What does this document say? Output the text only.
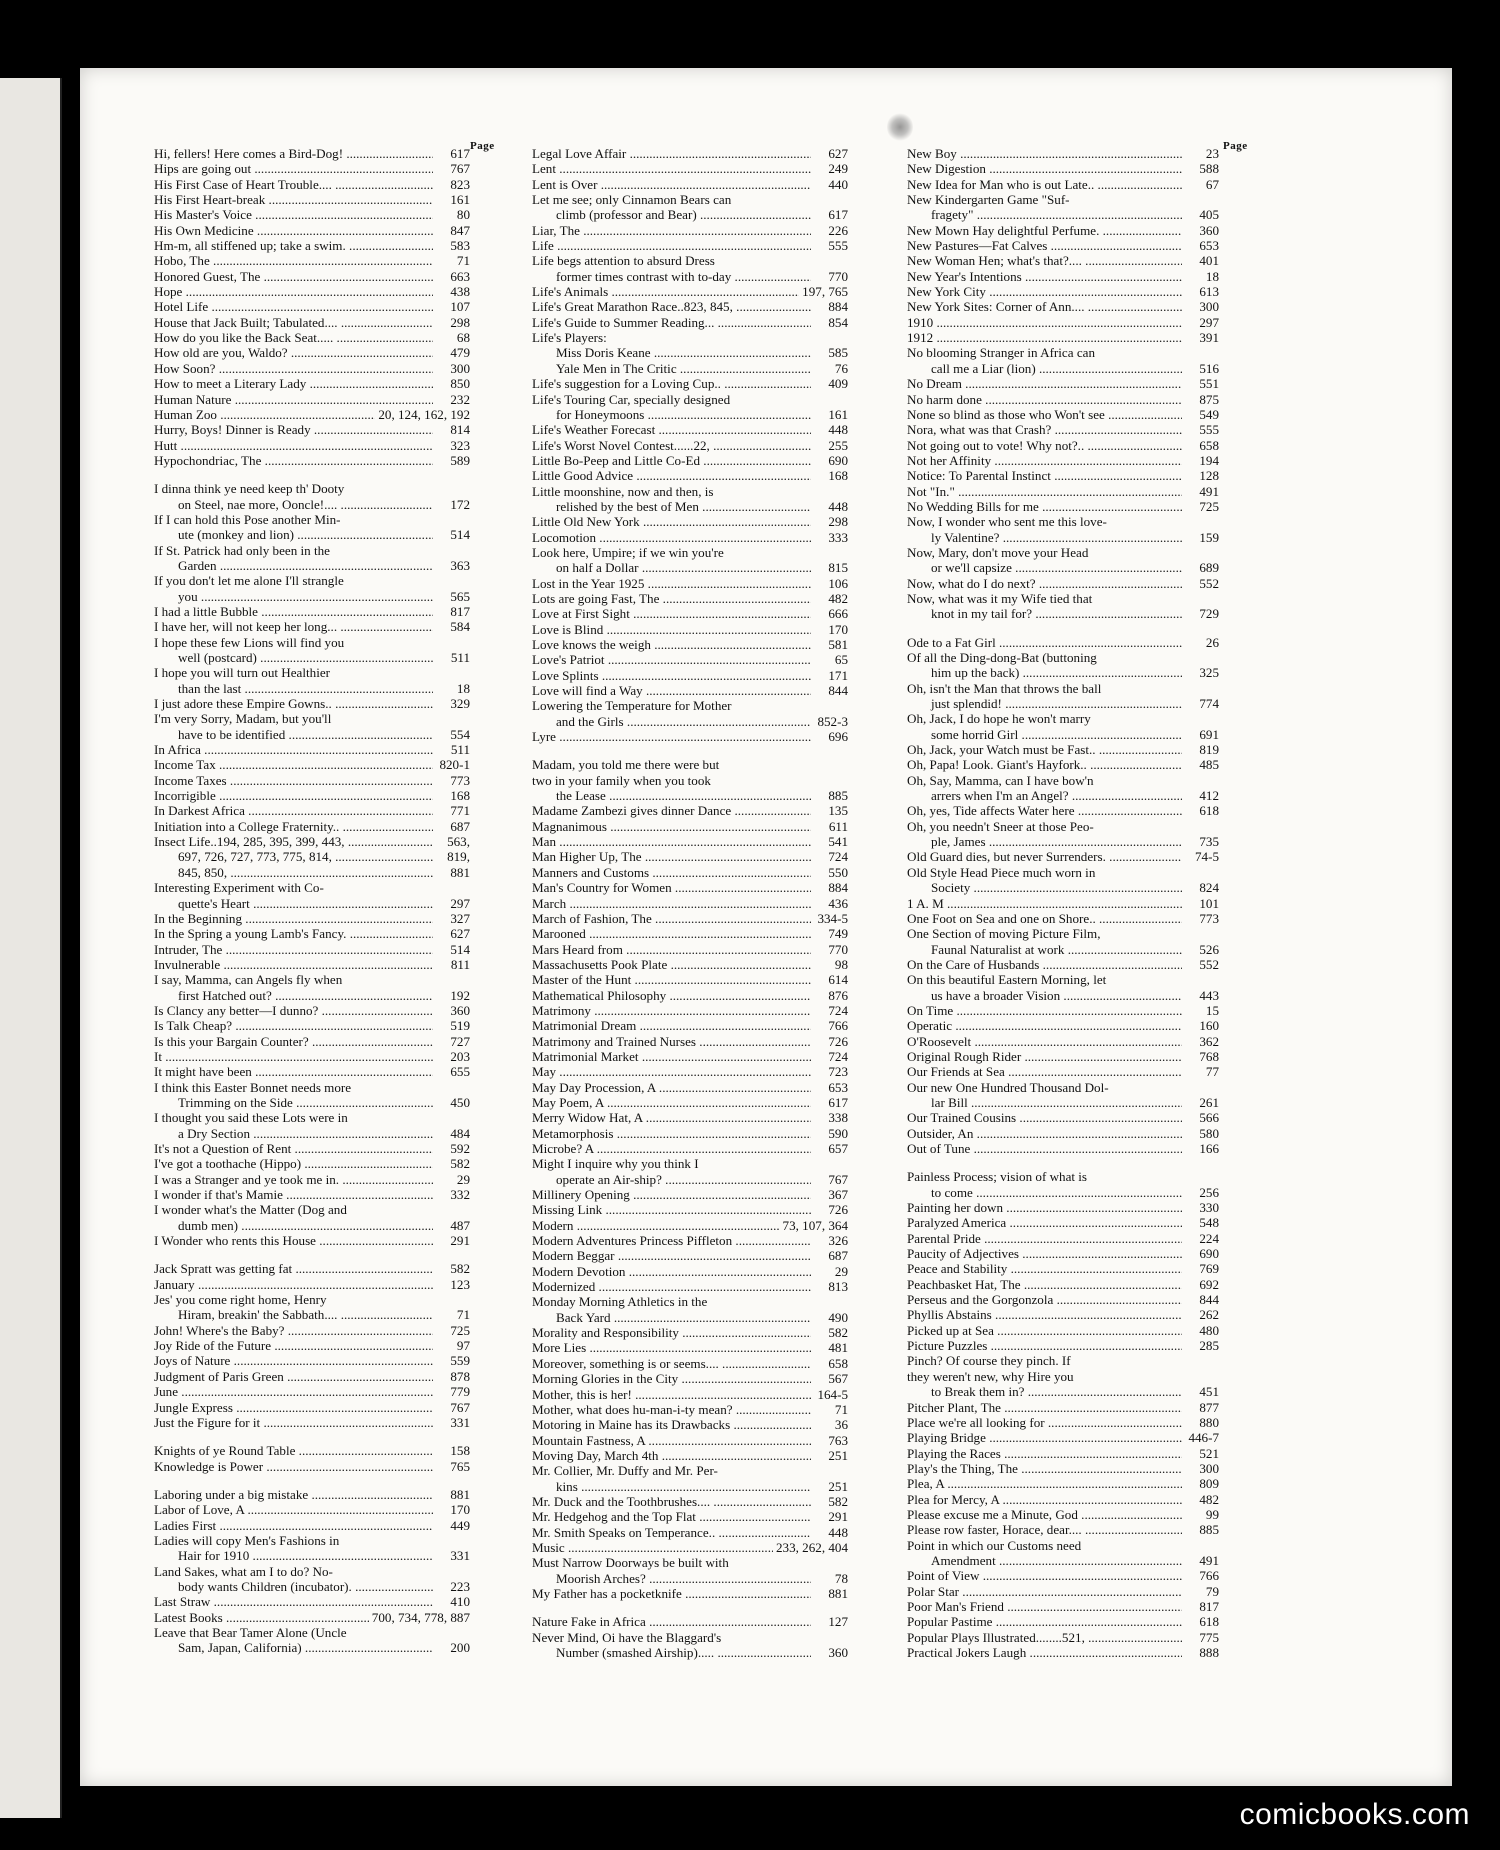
Page
Hi, fellers! Here comes a Bird-Dog! .....	617
Hips are going out .....	767
His First Case of Heart Trouble.... .....	823
His First Heart-break .....	161
His Master's Voice .....	80
His Own Medicine .....	847
Hm-m, all stiffened up; take a swim. .....	583
Hobo, The .....	71
Honored Guest, The .....	663
Hope .....	438
Hotel Life .....	107
House that Jack Built; Tabulated.... .....	298
How do you like the Back Seat..... .....	68
How old are you, Waldo? .....	479
How Soon? .....	300
How to meet a Literary Lady .....	850
Human Nature .....	232
Human Zoo .....	20, 124, 162, 192
Hurry, Boys! Dinner is Ready .....	814
Hutt .....	323
Hypochondriac, The .....	589
I dinna think ye need keep th' Dooty
on Steel, nae more, Ooncle!.... .....	172
If I can hold this Pose another Min-
ute (monkey and lion) .....	514
If St. Patrick had only been in the
Garden .....	363
If you don't let me alone I'll strangle
you .....	565
I had a little Bubble .....	817
I have her, will not keep her long... .....	584
I hope these few Lions will find you
well (postcard) .....	511
I hope you will turn out Healthier
than the last .....	18
I just adore these Empire Gowns.. .....	329
I'm very Sorry, Madam, but you'll
have to be identified .....	554
In Africa .....	511
Income Tax .....	820-1
Income Taxes .....	773
Incorrigible .....	168
In Darkest Africa .....	771
Initiation into a College Fraternity.. .....	687
Insect Life..194, 285, 395, 399, 443, .....	563,
697, 726, 727, 773, 775, 814, .....	819,
845, 850, .....	881
Interesting Experiment with Co-
quette's Heart .....	297
In the Beginning .....	327
In the Spring a young Lamb's Fancy. .....	627
Intruder, The .....	514
Invulnerable .....	811
I say, Mamma, can Angels fly when
first Hatched out? .....	192
Is Clancy any better—I dunno? .....	360
Is Talk Cheap? .....	519
Is this your Bargain Counter? .....	727
It .....	203
It might have been .....	655
I think this Easter Bonnet needs more
Trimming on the Side .....	450
I thought you said these Lots were in
a Dry Section .....	484
It's not a Question of Rent .....	592
I've got a toothache (Hippo) .....	582
I was a Stranger and ye took me in. .....	29
I wonder if that's Mamie .....	332
I wonder what's the Matter (Dog and
dumb men) .....	487
I Wonder who rents this House .....	291
Jack Spratt was getting fat .....	582
January .....	123
Jes' you come right home, Henry
Hiram, breakin' the Sabbath.... .....	71
John! Where's the Baby? .....	725
Joy Ride of the Future .....	97
Joys of Nature .....	559
Judgment of Paris Green .....	878
June .....	779
Jungle Express .....	767
Just the Figure for it .....	331
Knights of ye Round Table .....	158
Knowledge is Power .....	765
Laboring under a big mistake .....	881
Labor of Love, A .....	170
Ladies First .....	449
Ladies will copy Men's Fashions in
Hair for 1910 .....	331
Land Sakes, what am I to do? No-
body wants Children (incubator). .....	223
Last Straw .....	410
Latest Books .....	700, 734, 778, 887
Leave that Bear Tamer Alone (Uncle
Sam, Japan, California) .....	200
Legal Love Affair .....	627
Lent .....	249
Lent is Over .....	440
Let me see; only Cinnamon Bears can
climb (professor and Bear) .....	617
Liar, The .....	226
Life .....	555
Life begs attention to absurd Dress
former times contrast with to-day .....	770
Life's Animals .....	197, 765
Life's Great Marathon Race..823, 845, .....	884
Life's Guide to Summer Reading... .....	854
Life's Players:
Miss Doris Keane .....	585
Yale Men in The Critic .....	76
Life's suggestion for a Loving Cup.. .....	409
Life's Touring Car, specially designed
for Honeymoons .....	161
Life's Weather Forecast .....	448
Life's Worst Novel Contest......22, .....	255
Little Bo-Peep and Little Co-Ed .....	690
Little Good Advice .....	168
Little moonshine, now and then, is
relished by the best of Men .....	448
Little Old New York .....	298
Locomotion .....	333
Look here, Umpire; if we win you're
on half a Dollar .....	815
Lost in the Year 1925 .....	106
Lots are going Fast, The .....	482
Love at First Sight .....	666
Love is Blind .....	170
Love knows the weigh .....	581
Love's Patriot .....	65
Love Splints .....	171
Love will find a Way .....	844
Lowering the Temperature for Mother
and the Girls .....	852-3
Lyre .....	696
Madam, you told me there were but
two in your family when you took
the Lease .....	885
Madame Zambezi gives dinner Dance .....	135
Magnanimous .....	611
Man .....	541
Man Higher Up, The .....	724
Manners and Customs .....	550
Man's Country for Women .....	884
March .....	436
March of Fashion, The .....	334-5
Marooned .....	749
Mars Heard from .....	770
Massachusetts Pook Plate .....	98
Master of the Hunt .....	614
Mathematical Philosophy .....	876
Matrimony .....	724
Matrimonial Dream .....	766
Matrimony and Trained Nurses .....	726
Matrimonial Market .....	724
May .....	723
May Day Procession, A .....	653
May Poem, A .....	617
Merry Widow Hat, A .....	338
Metamorphosis .....	590
Microbe? A .....	657
Might I inquire why you think I
operate an Air-ship? .....	767
Millinery Opening .....	367
Missing Link .....	726
Modern .....	73, 107, 364
Modern Adventures Princess Piffleton .....	326
Modern Beggar .....	687
Modern Devotion .....	29
Modernized .....	813
Monday Morning Athletics in the
Back Yard .....	490
Morality and Responsibility .....	582
More Lies .....	481
Moreover, something is or seems.... .....	658
Morning Glories in the City .....	567
Mother, this is her! .....	164-5
Mother, what does hu-man-i-ty mean? .....	71
Motoring in Maine has its Drawbacks .....	36
Mountain Fastness, A .....	763
Moving Day, March 4th .....	251
Mr. Collier, Mr. Duffy and Mr. Per-
kins .....	251
Mr. Duck and the Toothbrushes.... .....	582
Mr. Hedgehog and the Top Flat .....	291
Mr. Smith Speaks on Temperance.. .....	448
Music .....	233, 262, 404
Must Narrow Doorways be built with
Moorish Arches? .....	78
My Father has a pocketknife .....	881
Nature Fake in Africa .....	127
Never Mind, Oi have the Blaggard's
Number (smashed Airship)..... .....	360
Page
New Boy .....	23
New Digestion .....	588
New Idea for Man who is out Late.. .....	67
New Kindergarten Game "Suf-
fragety" .....	405
New Mown Hay delightful Perfume. .....	360
New Pastures—Fat Calves .....	653
New Woman Hen; what's that?.... .....	401
New Year's Intentions .....	18
New York City .....	613
New York Sites: Corner of Ann.... .....	300
1910 .....	297
1912 .....	391
No blooming Stranger in Africa can
call me a Liar (lion) .....	516
No Dream .....	551
No harm done .....	875
None so blind as those who Won't see .....	549
Nora, what was that Crash? .....	555
Not going out to vote! Why not?.. .....	658
Not her Affinity .....	194
Notice: To Parental Instinct .....	128
Not "In." .....	491
No Wedding Bills for me .....	725
Now, I wonder who sent me this love-
ly Valentine? .....	159
Now, Mary, don't move your Head
or we'll capsize .....	689
Now, what do I do next? .....	552
Now, what was it my Wife tied that
knot in my tail for? .....	729
Ode to a Fat Girl .....	26
Of all the Ding-dong-Bat (buttoning
him up the back) .....	325
Oh, isn't the Man that throws the ball
just splendid! .....	774
Oh, Jack, I do hope he won't marry
some horrid Girl .....	691
Oh, Jack, your Watch must be Fast.. .....	819
Oh, Papa! Look. Giant's Hayfork.. .....	485
Oh, Say, Mamma, can I have bow'n
arrers when I'm an Angel? .....	412
Oh, yes, Tide affects Water here .....	618
Oh, you needn't Sneer at those Peo-
ple, James .....	735
Old Guard dies, but never Surrenders. .....	74-5
Old Style Head Piece much worn in
Society .....	824
1 A. M .....	101
One Foot on Sea and one on Shore.. .....	773
One Section of moving Picture Film,
Faunal Naturalist at work .....	526
On the Care of Husbands .....	552
On this beautiful Eastern Morning, let
us have a broader Vision .....	443
On Time .....	15
Operatic .....	160
O'Roosevelt .....	362
Original Rough Rider .....	768
Our Friends at Sea .....	77
Our new One Hundred Thousand Dol-
lar Bill .....	261
Our Trained Cousins .....	566
Outsider, An .....	580
Out of Tune .....	166
Painless Process; vision of what is
to come .....	256
Painting her down .....	330
Paralyzed America .....	548
Parental Pride .....	224
Paucity of Adjectives .....	690
Peace and Stability .....	769
Peachbasket Hat, The .....	692
Perseus and the Gorgonzola .....	844
Phyllis Abstains .....	262
Picked up at Sea .....	480
Picture Puzzles .....	285
Pinch? Of course they pinch. If
they weren't new, why Hire you
to Break them in? .....	451
Pitcher Plant, The .....	877
Place we're all looking for .....	880
Playing Bridge .....	446-7
Playing the Races .....	521
Play's the Thing, The .....	300
Plea, A .....	809
Plea for Mercy, A .....	482
Please excuse me a Minute, God .....	99
Please row faster, Horace, dear.... .....	885
Point in which our Customs need
Amendment .....	491
Point of View .....	766
Polar Star .....	79
Poor Man's Friend .....	817
Popular Pastime .....	618
Popular Plays Illustrated........521, .....	775
Practical Jokers Laugh .....	888
comicbooks.com
